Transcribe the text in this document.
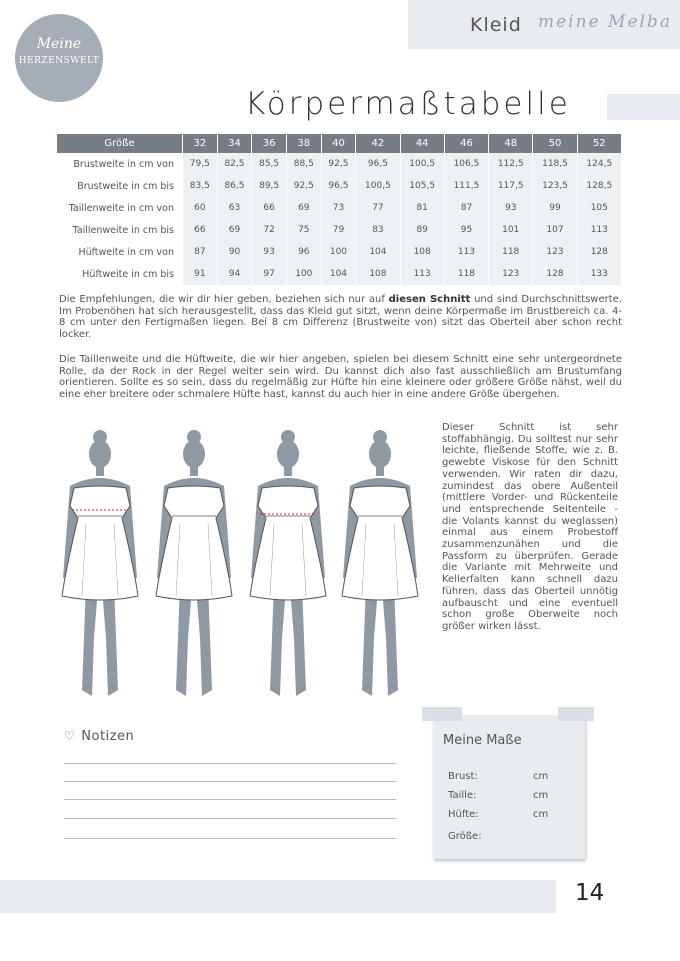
Kleid meine Melba
Meine
HERZENSWELT
Körpermaßtabelle
Größe	32	34	36	38	40	42	44	46	48	50	52
Brustweite in cm von	79,5	82,5	85,5	88,5	92,5	96,5	100,5	106,5	112,5	118,5	124,5
Brustweite in cm bis	83,5	86,5	89,5	92,5	96,5	100,5	105,5	111,5	117,5	123,5	128,5
Taillenweite in cm von	60	63	66	69	73	77	81	87	93	99	105
Taillenweite in cm bis	66	69	72	75	79	83	89	95	101	107	113
Hüftweite in cm von	87	90	93	96	100	104	108	113	118	123	128
Hüftweite in cm bis	91	94	97	100	104	108	113	118	123	128	133
Die Empfehlungen, die wir dir hier geben, beziehen sich nur auf diesen Schnitt und sind Durchschnittswerte. Im Probenöhen hat sich herausgestellt, dass das Kleid gut sitzt, wenn deine Körpermaße im Brustbereich ca. 4-8 cm unter den Fertigmaßen liegen. Bei 8 cm Differenz (Brustweite von) sitzt das Oberteil aber schon recht locker.
Die Taillenweite und die Hüftweite, die wir hier angeben, spielen bei diesem Schnitt eine sehr untergeordnete Rolle, da der Rock in der Regel weiter sein wird. Du kannst dich also fast ausschließlich am Brustumfang orientieren. Sollte es so sein, dass du regelmäßig zur Hüfte hin eine kleinere oder größere Größe nähst, weil du eine eher breitere oder schmalere Hüfte hast, kannst du auch hier in eine andere Größe übergehen.
Dieser Schnitt ist sehr stoffabhängig. Du solltest nur sehr leichte, fließende Stoffe, wie z. B. gewebte Viskose für den Schnitt verwenden. Wir raten dir dazu, zumindest das obere Außenteil (mittlere Vorder- und Rückenteile und entsprechende Seitenteile - die Volants kannst du weglassen) einmal aus einem Probestoff zusammenzunähen und die Passform zu überprüfen. Gerade die Variante mit Mehrweite und Kellerfalten kann schnell dazu führen, dass das Oberteil unnötig aufbauscht und eine eventuell schon große Oberweite noch größer wirken lässt.
♡ Notizen	Meine Maße
Brust:	cm
Taille:	cm
Hüfte:	cm
Größe:
14
